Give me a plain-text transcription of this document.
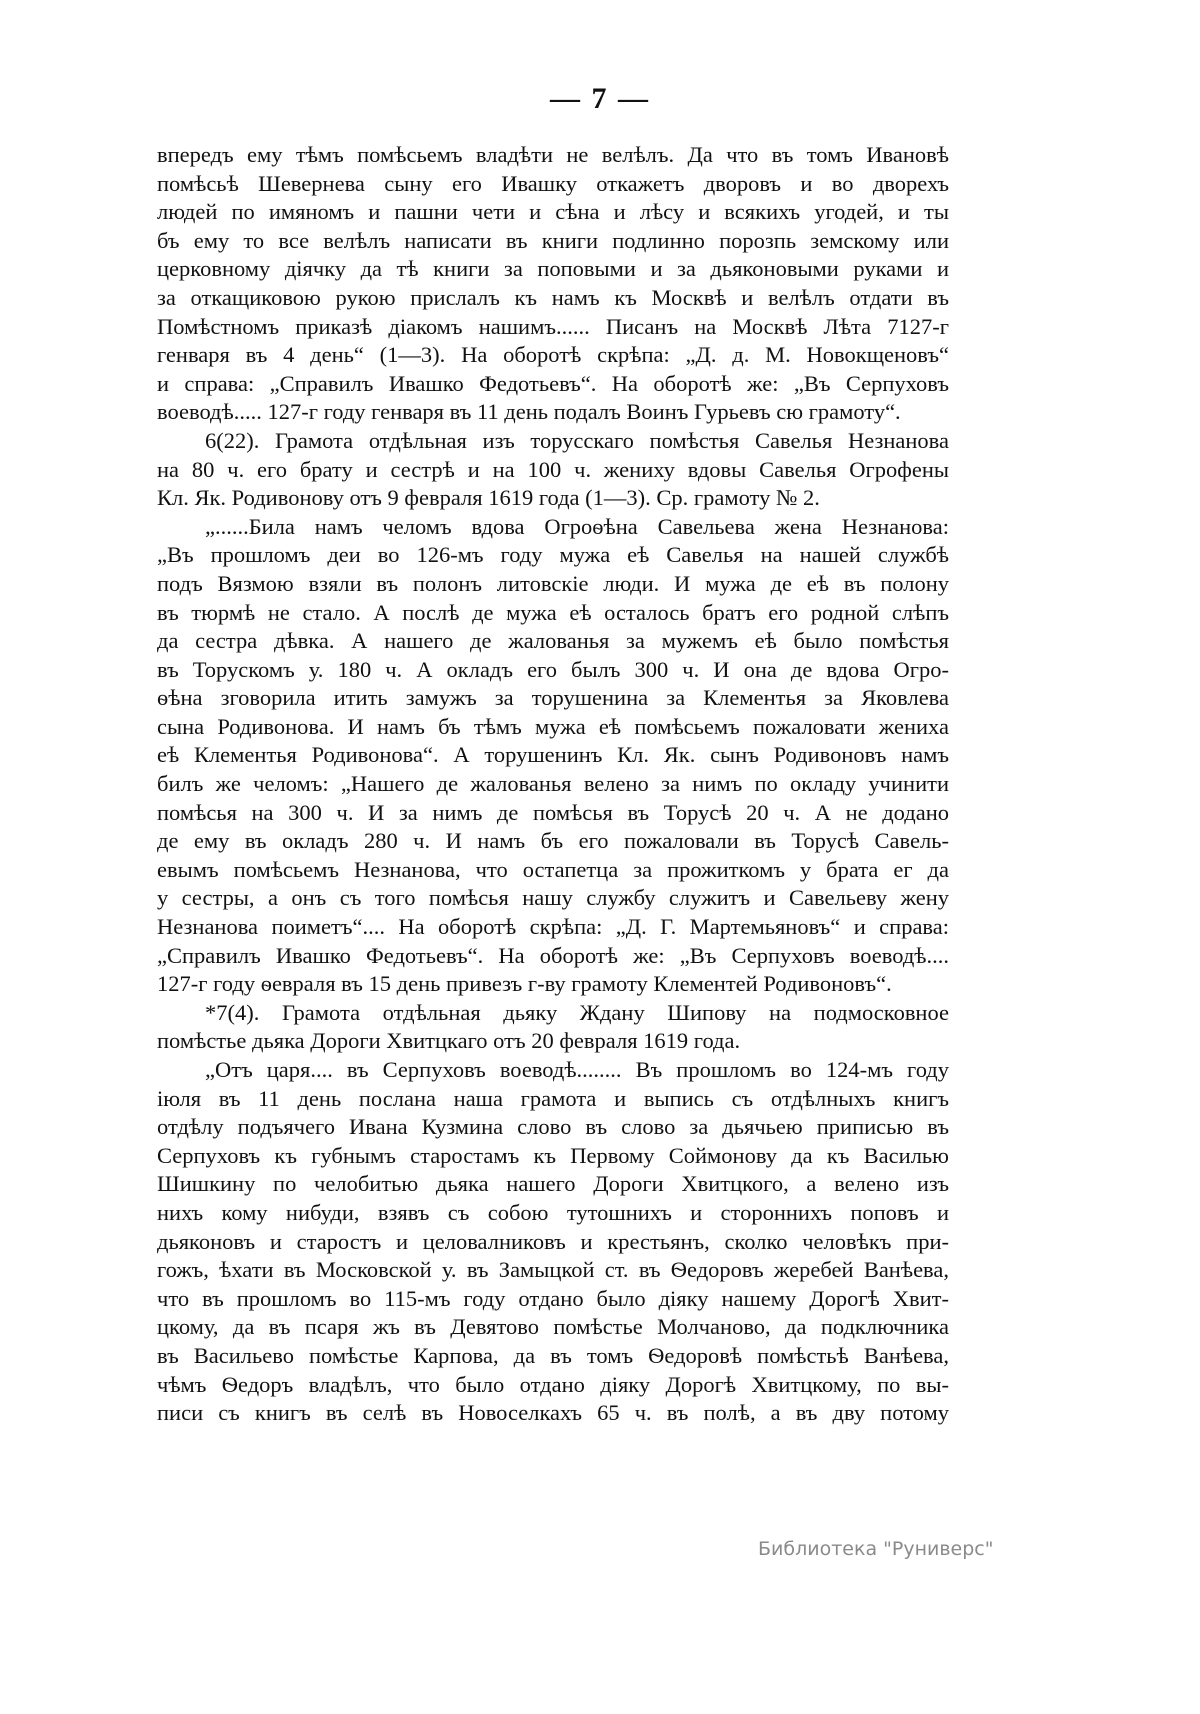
— 7 —
впередъ ему тѣмъ помѣсьемъ владѣти не велѣлъ. Да что въ томъ Ивановѣ
помѣсьѣ Шевернева сыну его Ивашку откажетъ дворовъ и во дворехъ
людей по имяномъ и пашни чети и сѣна и лѣсу и всякихъ угодей, и ты
бъ ему то все велѣлъ написати въ книги подлинно порозпь земскому или
церковному діячку да тѣ книги за поповыми и за дьяконовыми руками и
за откащиковою рукою прислалъ къ намъ къ Москвѣ и велѣлъ отдати въ
Помѣстномъ приказѣ діакомъ нашимъ...... Писанъ на Москвѣ Лѣта 7127-г
генваря въ 4 день“ (1—3). На оборотѣ скрѣпа: „Д. д. М. Новокщеновъ“
и справа: „Справилъ Ивашко Федотьевъ“. На оборотѣ же: „Въ Серпуховъ
воеводѣ..... 127-г году генваря въ 11 день подалъ Воинъ Гурьевъ сю грамоту“.
6(22). Грамота отдѣльная изъ торусскаго помѣстья Савелья Незнанова
на 80 ч. его брату и сестрѣ и на 100 ч. жениху вдовы Савелья Огрофены
Кл. Як. Родивонову отъ 9 февраля 1619 года (1—3). Ср. грамоту № 2.
„......Била намъ челомъ вдова Огроѳѣна Савельева жена Незнанова:
„Въ прошломъ деи во 126-мъ году мужа еѣ Савелья на нашей службѣ
подъ Вязмою взяли въ полонъ литовскіе люди. И мужа де еѣ въ полону
въ тюрмѣ не стало. А послѣ де мужа еѣ осталось братъ его родной слѣпъ
да сестра дѣвка. А нашего де жалованья за мужемъ еѣ было помѣстья
въ Торускомъ у. 180 ч. А окладъ его былъ 300 ч. И она де вдова Огро-
ѳѣна зговорила итить замужъ за торушенина за Клементья за Яковлева
сына Родивонова. И намъ бъ тѣмъ мужа еѣ помѣсьемъ пожаловати жениха
еѣ Клементья Родивонова“. А торушенинъ Кл. Як. сынъ Родивоновъ намъ
билъ же челомъ: „Нашего де жалованья велено за нимъ по окладу учинити
помѣсья на 300 ч. И за нимъ де помѣсья въ Торусѣ 20 ч. А не додано
де ему въ окладъ 280 ч. И намъ бъ его пожаловали въ Торусѣ Савель-
евымъ помѣсьемъ Незнанова, что остапетца за прожиткомъ у брата ег да
у сестры, а онъ съ того помѣсья нашу службу служитъ и Савельеву жену
Незнанова поиметъ“.... На оборотѣ скрѣпа: „Д. Г. Мартемьяновъ“ и справа:
„Справилъ Ивашко Федотьевъ“. На оборотѣ же: „Въ Серпуховъ воеводѣ....
127-г году ѳевраля въ 15 день привезъ г-ву грамоту Клементей Родивоновъ“.
*7(4). Грамота отдѣльная дьяку Ждану Шипову на подмосковное
помѣстье дьяка Дороги Хвитцкаго отъ 20 февраля 1619 года.
„Отъ царя.... въ Серпуховъ воеводѣ........ Въ прошломъ во 124-мъ году
іюля въ 11 день послана наша грамота и выпись съ отдѣлныхъ книгъ
отдѣлу подъячего Ивана Кузмина слово въ слово за дьячьею приписью въ
Серпуховъ къ губнымъ старостамъ къ Первому Соймонову да къ Василью
Шишкину по челобитью дьяка нашего Дороги Хвитцкого, а велено изъ
нихъ кому нибуди, взявъ съ собою тутошнихъ и стороннихъ поповъ и
дьяконовъ и старостъ и целовалниковъ и крестьянъ, сколко человѣкъ при-
гожъ, ѣхати въ Московской у. въ Замыцкой ст. въ Ѳедоровъ жеребей Ванѣева,
что въ прошломъ во 115-мъ году отдано было діяку нашему Дорогѣ Хвит-
цкому, да въ псаря жъ въ Девятово помѣстье Молчаново, да подключника
въ Васильево помѣстье Карпова, да въ томъ Ѳедоровѣ помѣстьѣ Ванѣева,
чѣмъ Ѳедоръ владѣлъ, что было отдано діяку Дорогѣ Хвитцкому, по вы-
писи съ книгъ въ селѣ въ Новоселкахъ 65 ч. въ полѣ, а въ дву потому
Библиотека "Руниверс"
